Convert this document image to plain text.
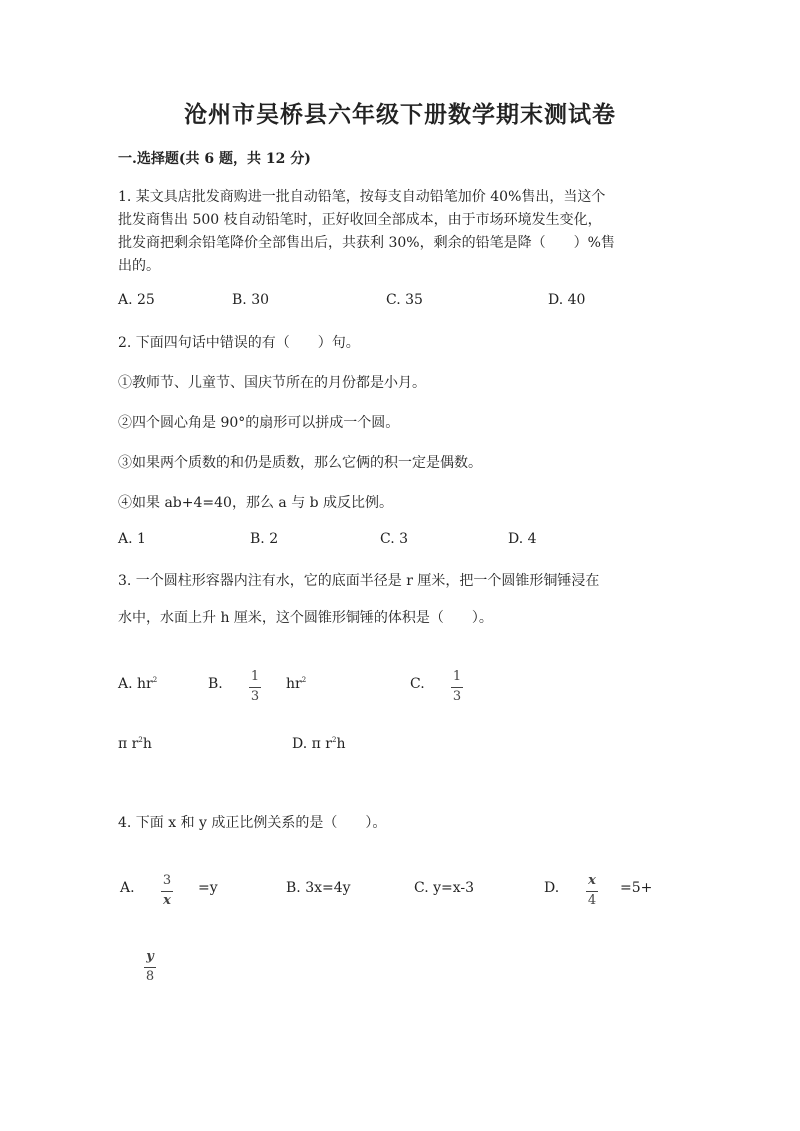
沧州市吴桥县六年级下册数学期末测试卷
一.选择题(共 6 题，共 12 分)
1. 某文具店批发商购进一批自动铅笔，按每支自动铅笔加价 40%售出，当这个
批发商售出 500 枝自动铅笔时，正好收回全部成本，由于市场环境发生变化，
批发商把剩余铅笔降价全部售出后，共获利 30%，剩余的铅笔是降（　　）%售
出的。
A. 25	B. 30	C. 35	D. 40
2. 下面四句话中错误的有（　　）句。
①教师节、儿童节、国庆节所在的月份都是小月。
②四个圆心角是 90°的扇形可以拼成一个圆。
③如果两个质数的和仍是质数，那么它俩的积一定是偶数。
④如果 ab+4=40，那么 a 与 b 成反比例。
A. 1	B. 2	C. 3	D. 4
3. 一个圆柱形容器内注有水，它的底面半径是 r 厘米，把一个圆锥形铜锤浸在
水中，水面上升 h 厘米，这个圆锥形铜锤的体积是（　　）。
A. $hr^2$	B. 1
3
$hr^2$	C. 1
3
π $r^2h$	D. π $r^2h$
4. 下面 x 和 y 成正比例关系的是（　　）。
A. 3
x
=y	B. 3x=4y	C. y=x-3	D. x
4
=5+
y
8
